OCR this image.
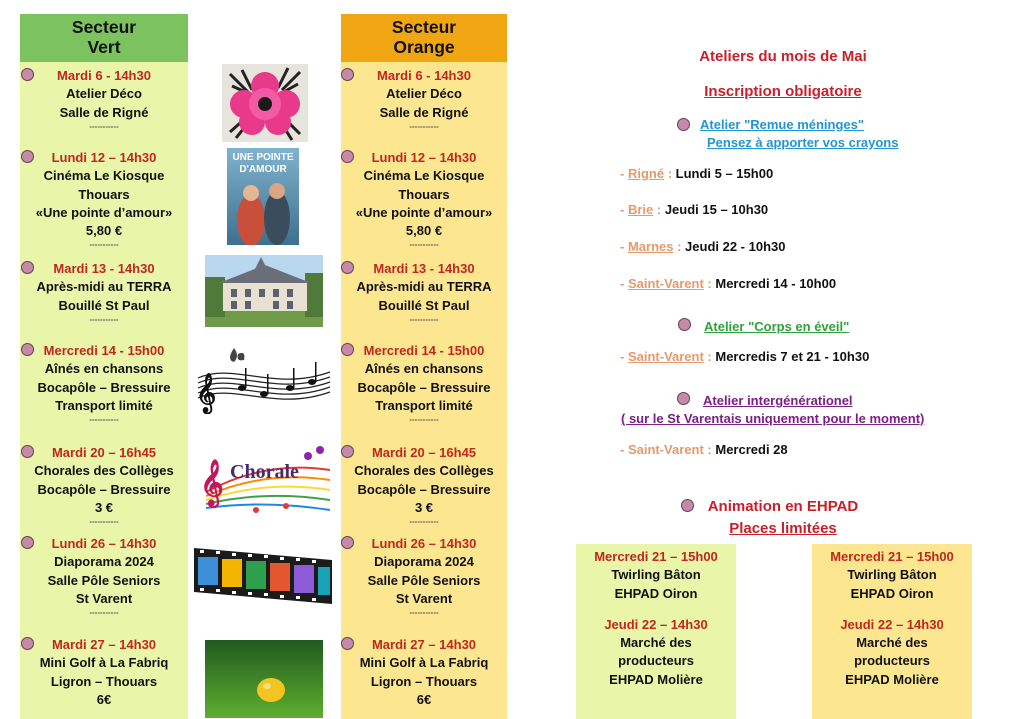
Secteur
Vert
Secteur
Orange
Mardi 6 - 14h30
Atelier Déco
Salle de Rigné
-----------
Lundi 12 – 14h30
Cinéma Le Kiosque
Thouars
«Une pointe d’amour»
5,80 €
-----------
Mardi 13 - 14h30
Après-midi au TERRA
Bouillé St Paul
-----------
Mercredi 14 - 15h00
Aînés en chansons
Bocapôle – Bressuire
Transport limité
-----------
Mardi 20 – 16h45
Chorales des Collèges
Bocapôle – Bressuire
3 €
-----------
Lundi 26 – 14h30
Diaporama 2024
Salle Pôle Seniors
St Varent
-----------
Mardi 27 – 14h30
Mini Golf à La Fabriq
Ligron – Thouars
6€
Mardi 6 - 14h30
Atelier Déco
Salle de Rigné
-----------
Lundi 12 – 14h30
Cinéma Le Kiosque
Thouars
«Une pointe d’amour»
5,80 €
-----------
Mardi 13 - 14h30
Après-midi au TERRA
Bouillé St Paul
-----------
Mercredi 14 - 15h00
Aînés en chansons
Bocapôle – Bressuire
Transport limité
-----------
Mardi 20 – 16h45
Chorales des Collèges
Bocapôle – Bressuire
3 €
-----------
Lundi 26 – 14h30
Diaporama 2024
Salle Pôle Seniors
St Varent
-----------
Mardi 27 – 14h30
Mini Golf à La Fabriq
Ligron – Thouars
6€
UNE POINTE
D'AMOUR
𝄞
𝄞 Chorale
Ateliers du mois de Mai
Inscription obligatoire
Atelier "Remue méninges"
Pensez à apporter vos crayons
- Rigné : Lundi 5 – 15h00
- Brie : Jeudi 15 – 10h30
- Marnes : Jeudi 22 - 10h30
- Saint-Varent : Mercredi 14 - 10h00
Atelier "Corps en éveil"
- Saint-Varent : Mercredis 7 et 21 - 10h30
Atelier intergénérationel
( sur le St Varentais uniquement pour le moment)
- Saint-Varent : Mercredi 28
Animation en EHPAD
Places limitées
Mercredi 21 – 15h00
Twirling Bâton
EHPAD Oiron
Jeudi 22 – 14h30
Marché des
producteurs
EHPAD Molière
Mercredi 21 – 15h00
Twirling Bâton
EHPAD Oiron
Jeudi 22 – 14h30
Marché des
producteurs
EHPAD Molière
